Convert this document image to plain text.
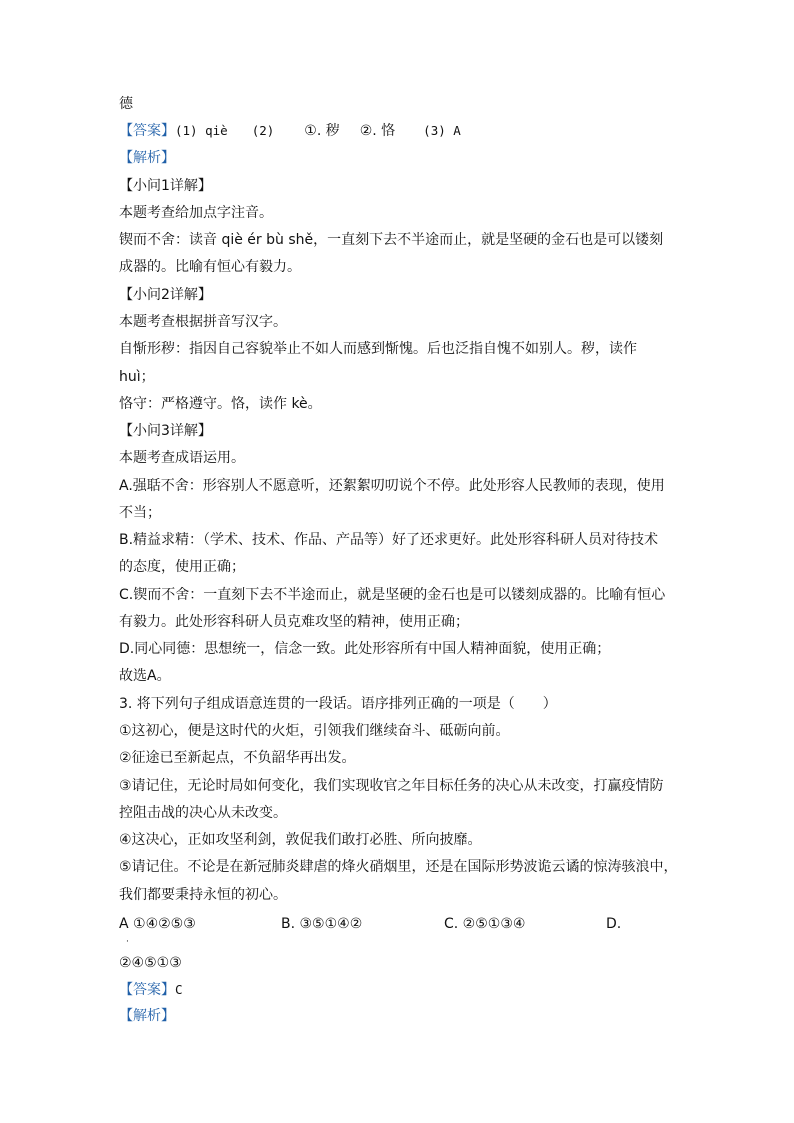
德
【答案】(1) qiè (2) ①. 秽 ②. 恪 (3) A
【解析】
【小问1详解】
本题考查给加点字注音。
锲而不舍：读音 qiè ér bù shě，一直刻下去不半途而止，就是坚硬的金石也是可以镂刻
成器的。比喻有恒心有毅力。
【小问2详解】
本题考查根据拼音写汉字。
自惭形秽：指因自己容貌举止不如人而感到惭愧。后也泛指自愧不如别人。秽，读作
huì；
恪守：严格遵守。恪，读作 kè。
【小问3详解】
本题考查成语运用。
A.强聒不舍：形容别人不愿意听，还絮絮叨叨说个不停。此处形容人民教师的表现，使用
不当；
B.精益求精：（学术、技术、作品、产品等）好了还求更好。此处形容科研人员对待技术
的态度，使用正确；
C.锲而不舍：一直刻下去不半途而止，就是坚硬的金石也是可以镂刻成器的。比喻有恒心
有毅力。此处形容科研人员克难攻坚的精神，使用正确；
D.同心同德：思想统一，信念一致。此处形容所有中国人精神面貌，使用正确；
故选A。
3. 将下列句子组成语意连贯的一段话。语序排列正确的一项是（　　）
①这初心，便是这时代的火炬，引领我们继续奋斗、砥砺向前。
②征途已至新起点，不负韶华再出发。
③请记住，无论时局如何变化，我们实现收官之年目标任务的决心从未改变，打赢疫情防
控阻击战的决心从未改变。
④这决心，正如攻坚利剑，敦促我们敢打必胜、所向披靡。
⑤请记住。不论是在新冠肺炎肆虐的烽火硝烟里，还是在国际形势波诡云谲的惊涛骇浪中，
我们都要秉持永恒的初心。
A ①④②⑤③	B. ③⑤①④②	C. ②⑤①③④	D.
·
②④⑤①③
【答案】C
【解析】
